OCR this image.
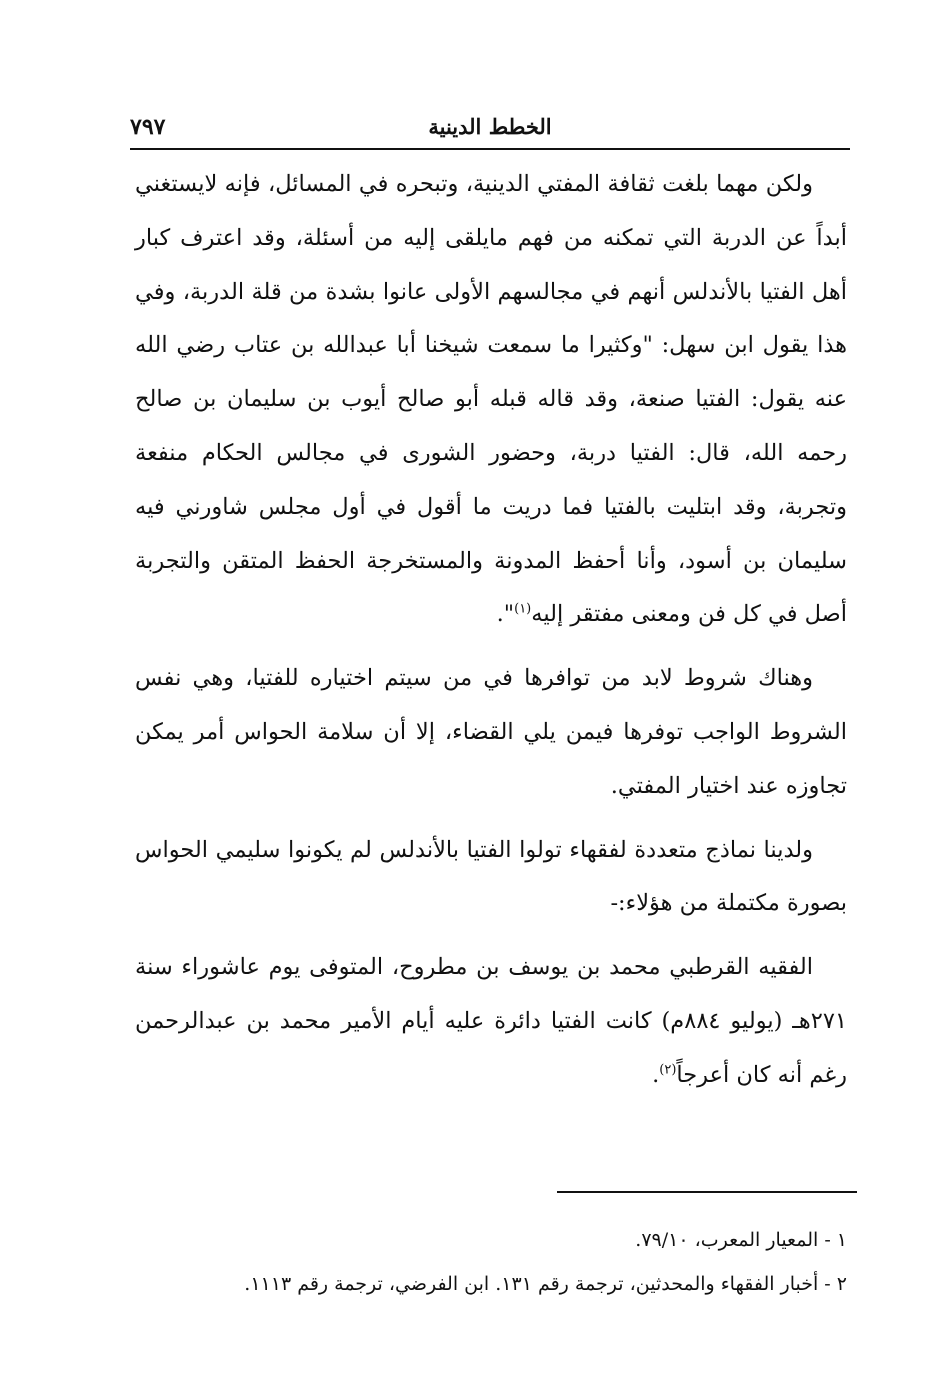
٧٩٧	الخطط الدينية

ولكن مهما بلغت ثقافة المفتي الدينية، وتبحره في المسائل، فإنه لايستغني أبداً عن الدربة التي تمكنه من فهم مايلقى إليه من أسئلة، وقد اعترف كبار أهل الفتيا بالأندلس أنهم في مجالسهم الأولى عانوا بشدة من قلة الدربة، وفي هذا يقول ابن سهل: "وكثيرا ما سمعت شيخنا أبا عبدالله بن عتاب رضي الله عنه يقول: الفتيا صنعة، وقد قاله قبله أبو صالح أيوب بن سليمان بن صالح رحمه الله، قال: الفتيا دربة، وحضور الشورى في مجالس الحكام منفعة وتجربة، وقد ابتليت بالفتيا فما دريت ما أقول في أول مجلس شاورني فيه سليمان بن أسود، وأنا أحفظ المدونة والمستخرجة الحفظ المتقن والتجربة أصل في كل فن ومعنى مفتقر إليه$^{(١)}$".

وهناك شروط لابد من توافرها في من سيتم اختياره للفتيا، وهي نفس الشروط الواجب توفرها فيمن يلي القضاء، إلا أن سلامة الحواس أمر يمكن تجاوزه عند اختيار المفتي.

ولدينا نماذج متعددة لفقهاء تولوا الفتيا بالأندلس لم يكونوا سليمي الحواس بصورة مكتملة من هؤلاء:-

الفقيه القرطبي محمد بن يوسف بن مطروح، المتوفى يوم عاشوراء سنة ٢٧١هـ (يوليو ٨٨٤م) كانت الفتيا دائرة عليه أيام الأمير محمد بن عبدالرحمن رغم أنه كان أعرجاً$^{(٢)}$.

١ - المعيار المعرب، ٧٩/١٠.
٢ - أخبار الفقهاء والمحدثين، ترجمة رقم ١٣١. ابن الفرضي، ترجمة رقم ١١١٣.
